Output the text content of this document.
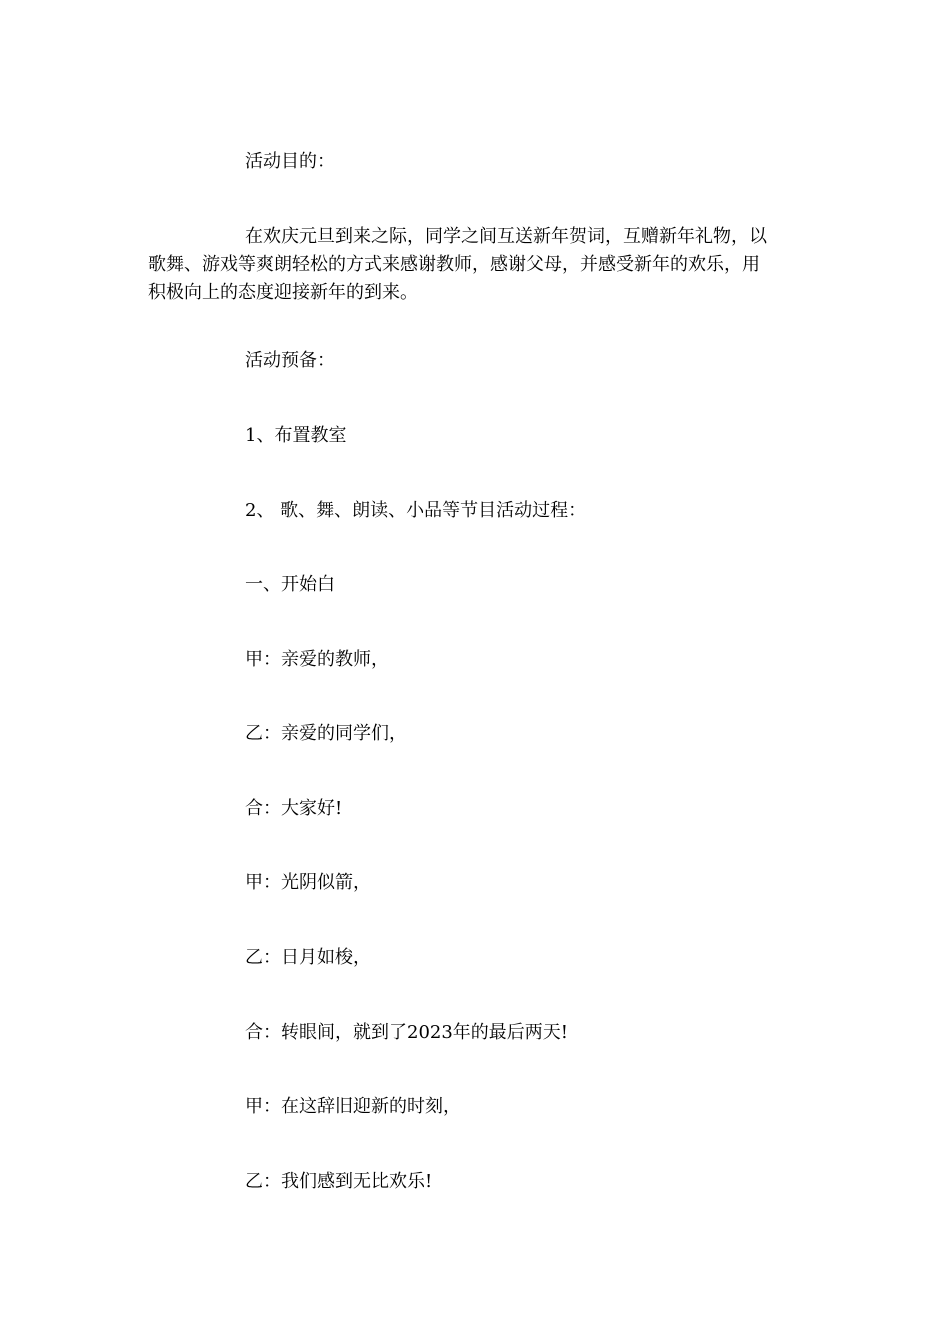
活动目的：

在欢庆元旦到来之际，同学之间互送新年贺词，互赠新年礼物，以
歌舞、游戏等爽朗轻松的方式来感谢教师，感谢父母，并感受新年的欢乐，用
积极向上的态度迎接新年的到来。

活动预备：

1、布置教室

2、 歌、舞、朗读、小品等节目活动过程：

一、开始白

甲：亲爱的教师，

乙：亲爱的同学们，

合：大家好!

甲：光阴似箭，

乙：日月如梭，

合：转眼间，就到了2023年的最后两天!

甲：在这辞旧迎新的时刻，

乙：我们感到无比欢乐!
